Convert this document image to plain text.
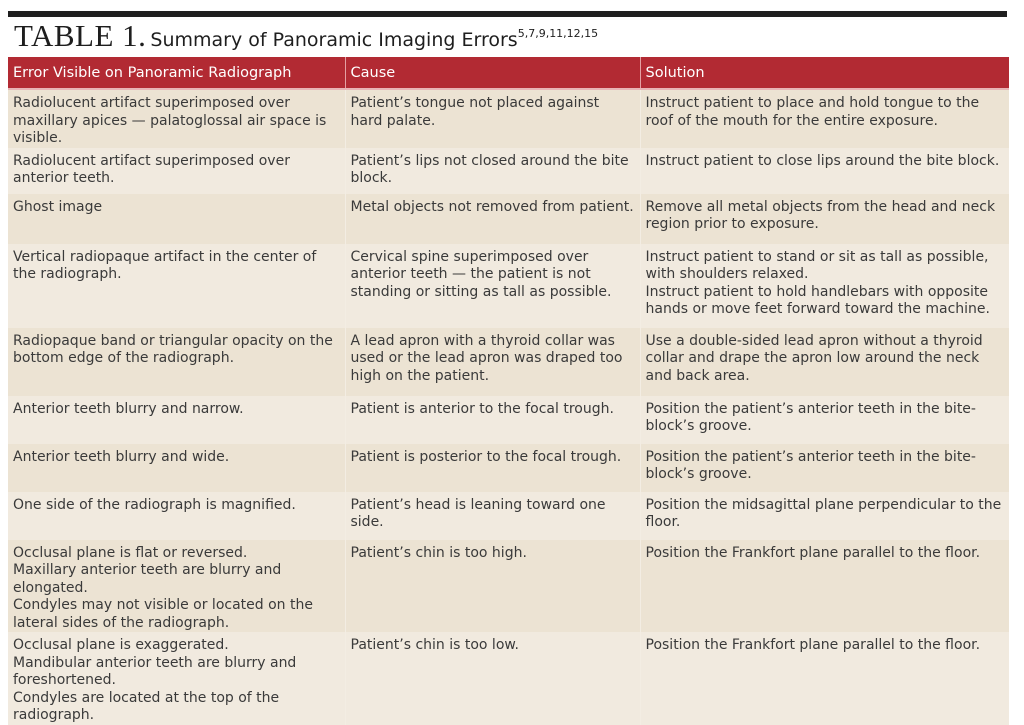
TABLE 1. Summary of Panoramic Imaging Errors$^{5,7,9,11,12,15}$
Error Visible on Panoramic Radiograph	Cause	Solution

Radiolucent artifact superimposed over maxillary apices — palatoglossal air space is visible.	Patient’s tongue not placed against hard palate.	Instruct patient to place and hold tongue to the roof of the mouth for the entire exposure.

Radiolucent artifact superimposed over anterior teeth.	Patient’s lips not closed around the bite block.	Instruct patient to close lips around the bite block.

Ghost image	Metal objects not removed from patient.	Remove all metal objects from the head and neck region prior to exposure.

Vertical radiopaque artifact in the center of the radiograph.	Cervical spine superimposed over anterior teeth — the patient is not standing or sitting as tall as possible.	Instruct patient to stand or sit as tall as possible, with shoulders relaxed.
Instruct patient to hold handlebars with opposite hands or move feet forward toward the machine.

Radiopaque band or triangular opacity on the bottom edge of the radiograph.	A lead apron with a thyroid collar was used or the lead apron was draped too high on the patient.	Use a double-sided lead apron without a thyroid collar and drape the apron low around the neck and back area.

Anterior teeth blurry and narrow.	Patient is anterior to the focal trough.	Position the patient’s anterior teeth in the bite-block’s groove.

Anterior teeth blurry and wide.	Patient is posterior to the focal trough.	Position the patient’s anterior teeth in the bite-block’s groove.

One side of the radiograph is magnified.	Patient’s head is leaning toward one side.	Position the midsagittal plane perpendicular to the floor.

Occlusal plane is flat or reversed.
Maxillary anterior teeth are blurry and elongated.
Condyles may not visible or located on the lateral sides of the radiograph.	Patient’s chin is too high.	Position the Frankfort plane parallel to the floor.

Occlusal plane is exaggerated.
Mandibular anterior teeth are blurry and foreshortened.
Condyles are located at the top of the radiograph.	Patient’s chin is too low.	Position the Frankfort plane parallel to the floor.
